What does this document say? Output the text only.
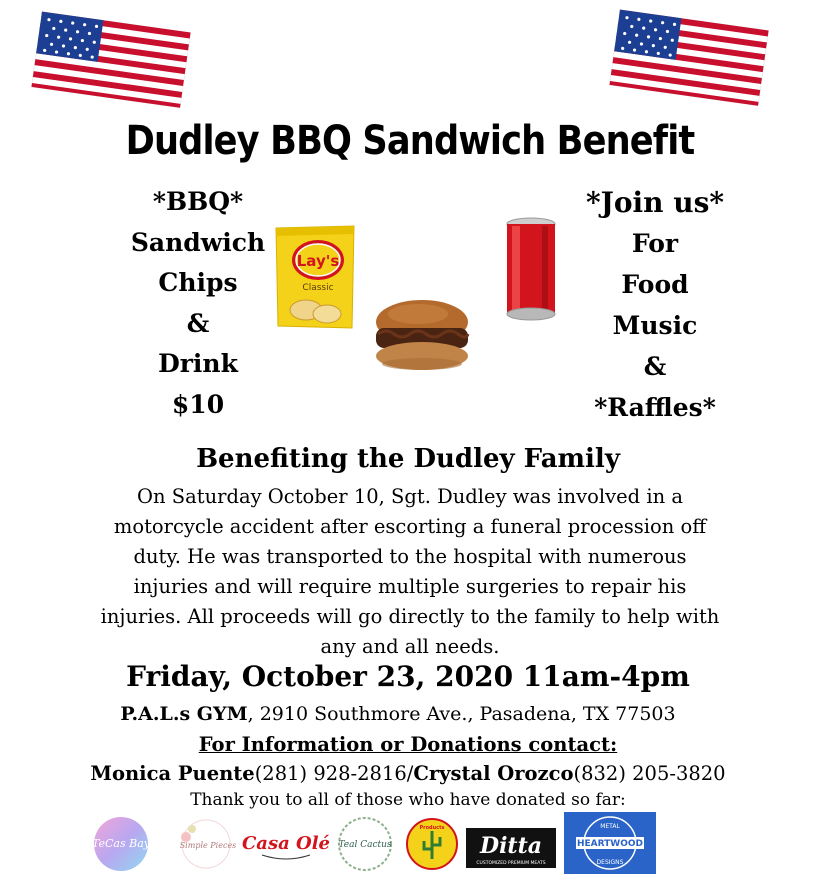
Dudley BBQ Sandwich Benefit
*BBQ*
Sandwich
Chips
&
Drink
$10
Lay's
Classic
*Join us*
For
Food
Music
&
*Raffles*
Benefiting the Dudley Family
On Saturday October 10, Sgt. Dudley was involved in a motorcycle accident after escorting a funeral procession off duty. He was transported to the hospital with numerous injuries and will require multiple surgeries to repair his injuries. All proceeds will go directly to the family to help with any and all needs.
Friday, October 23, 2020 11am-4pm
P.A.L.s GYM, 2910 Southmore Ave., Pasadena, TX 77503
For Information or Donations contact:
Monica Puente(281) 928-2816/Crystal Orozco(832) 205-3820
Thank you to all of those who have donated so far:
TeCas Bay	Simple Pieces Casa Olé Teal Cactus
Products
Ditta
CUSTOMIZED PREMIUM MEATS
METAL
HEARTWOOD
DESIGNS
